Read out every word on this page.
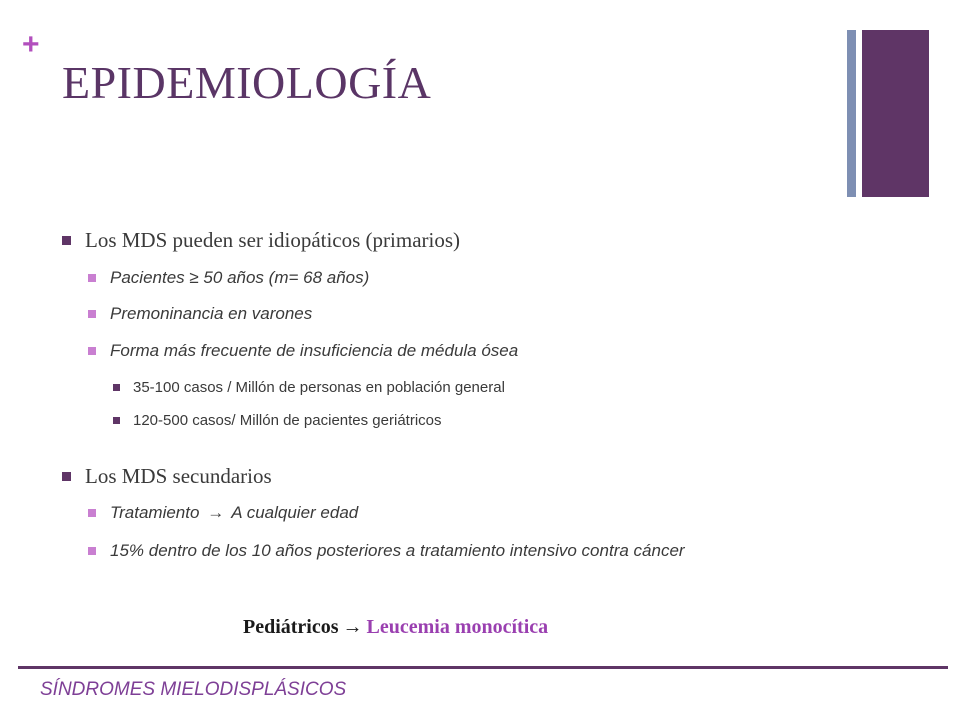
+
EPIDEMIOLOGÍA
Los MDS pueden ser idiopáticos (primarios)
Pacientes ≥ 50 años (m= 68 años)
Premoninancia en varones
Forma más frecuente de insuficiencia de médula ósea
35-100 casos / Millón de personas en población general
120-500 casos/ Millón de pacientes geriátricos
Los MDS secundarios
Tratamiento → A cualquier edad
15% dentro de los 10 años posteriores a tratamiento intensivo contra cáncer
Pediátricos → Leucemia monocítica
SÍNDROMES MIELODISPLÁSICOS
